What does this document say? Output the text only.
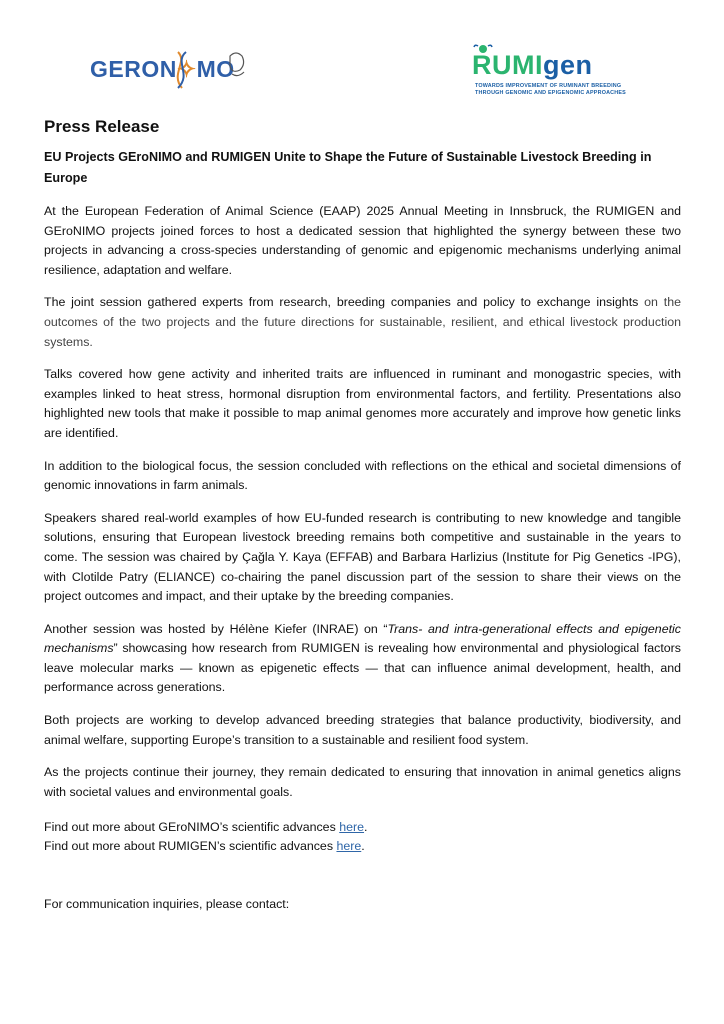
GERON✧MO	RUMIgen
TOWARDS IMPROVEMENT OF RUMINANT BREEDING
THROUGH GENOMIC AND EPIGENOMIC APPROACHES
Press Release
EU Projects GEroNIMO and RUMIGEN Unite to Shape the Future of Sustainable Livestock Breeding in Europe

At the European Federation of Animal Science (EAAP) 2025 Annual Meeting in Innsbruck, the RUMIGEN and GEroNIMO projects joined forces to host a dedicated session that highlighted the synergy between these two projects in advancing a cross-species understanding of genomic and epigenomic mechanisms underlying animal resilience, adaptation and welfare.

The joint session gathered experts from research, breeding companies and policy to exchange insights on the outcomes of the two projects and the future directions for sustainable, resilient, and ethical livestock production systems.

Talks covered how gene activity and inherited traits are influenced in ruminant and monogastric species, with examples linked to heat stress, hormonal disruption from environmental factors, and fertility. Presentations also highlighted new tools that make it possible to map animal genomes more accurately and improve how genetic links are identified.

In addition to the biological focus, the session concluded with reflections on the ethical and societal dimensions of genomic innovations in farm animals.

Speakers shared real-world examples of how EU-funded research is contributing to new knowledge and tangible solutions, ensuring that European livestock breeding remains both competitive and sustainable in the years to come. The session was chaired by Çağla Y. Kaya (EFFAB) and Barbara Harlizius (Institute for Pig Genetics -IPG), with Clotilde Patry (ELIANCE) co-chairing the panel discussion part of the session to share their views on the project outcomes and impact, and their uptake by the breeding companies.

Another session was hosted by Hélène Kiefer (INRAE) on “Trans- and intra-generational effects and epigenetic mechanisms” showcasing how research from RUMIGEN is revealing how environmental and physiological factors leave molecular marks — known as epigenetic effects — that can influence animal development, health, and performance across generations.

Both projects are working to develop advanced breeding strategies that balance productivity, biodiversity, and animal welfare, supporting Europe’s transition to a sustainable and resilient food system.

As the projects continue their journey, they remain dedicated to ensuring that innovation in animal genetics aligns with societal values and environmental goals.

Find out more about GEroNIMO’s scientific advances here.
Find out more about RUMIGEN’s scientific advances here.
For communication inquiries, please contact:
